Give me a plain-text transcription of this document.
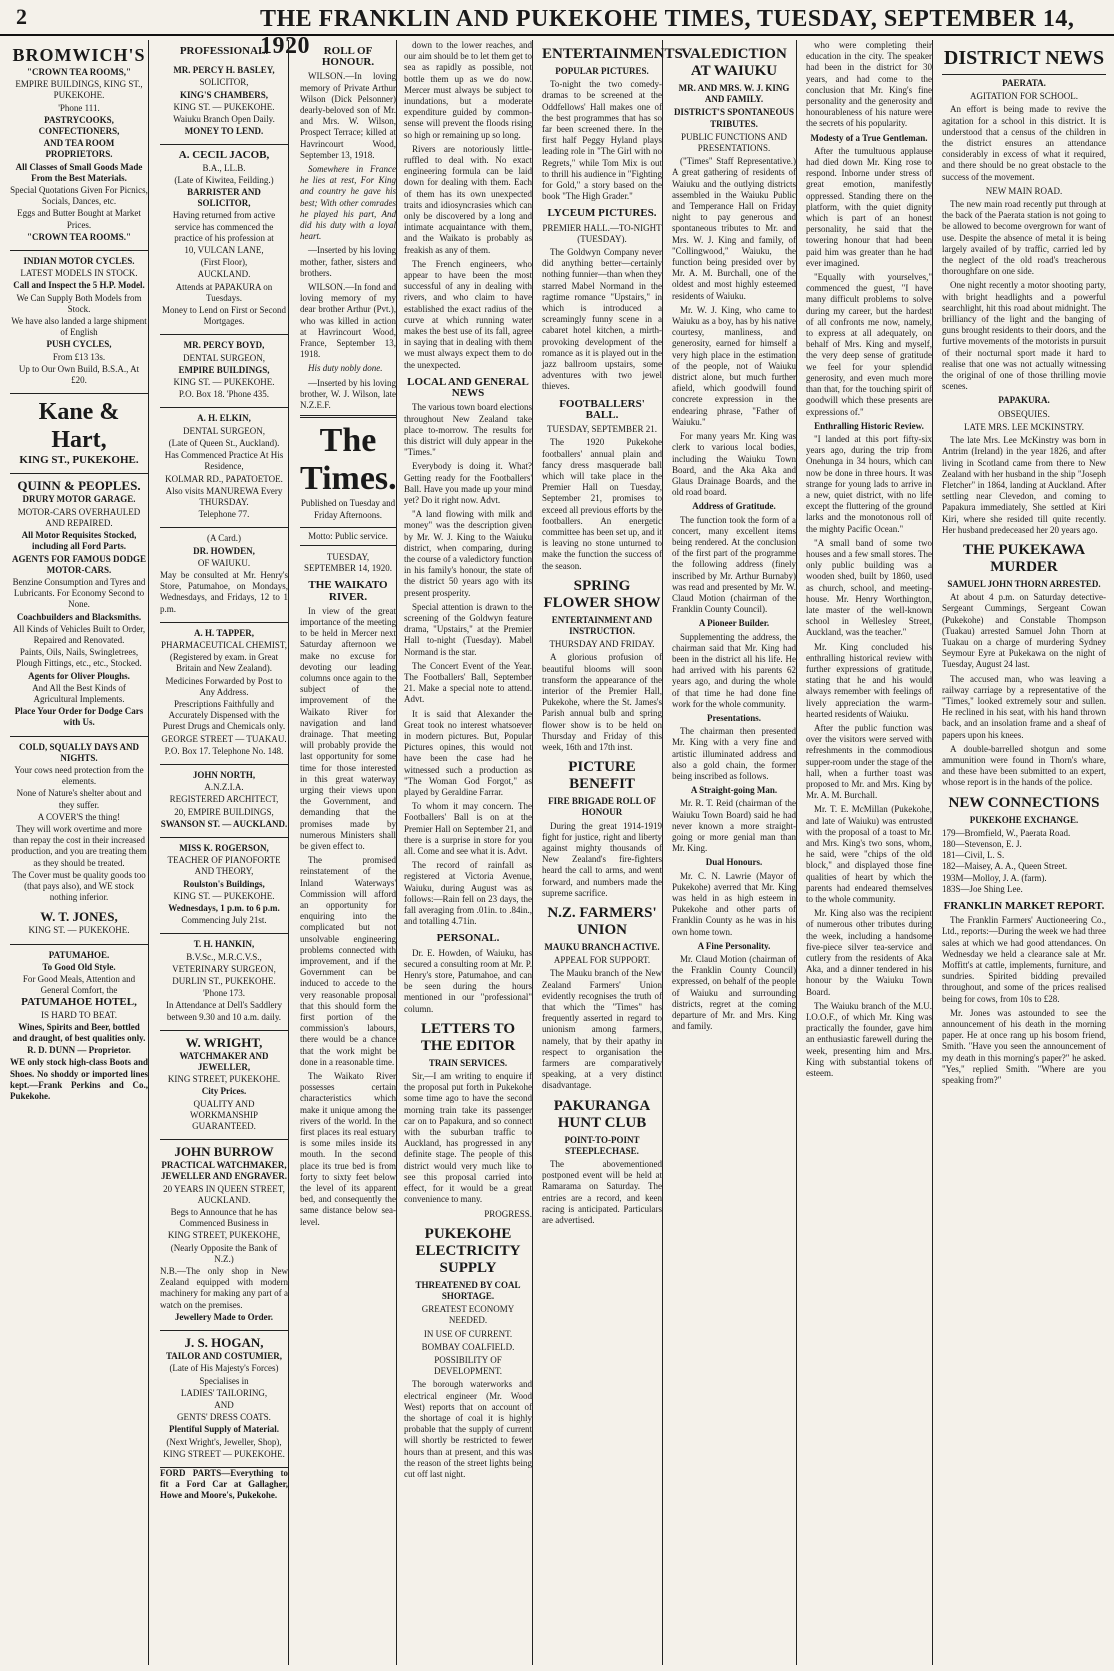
2	THE FRANKLIN AND PUKEKOHE TIMES, TUESDAY, SEPTEMBER 14, 1920
BROMWICH'S

"CROWN TEA ROOMS,"

EMPIRE BUILDINGS, KING ST., PUKEKOHE.

'Phone 111.

PASTRYCOOKS, CONFECTIONERS,

AND TEA ROOM PROPRIETORS.

All Classes of Small Goods Made From the Best Materials.

Special Quotations Given For Picnics, Socials, Dances, etc.

Eggs and Butter Bought at Market Prices.

"CROWN TEA ROOMS."

INDIAN MOTOR CYCLES.

LATEST MODELS IN STOCK.

Call and Inspect the 5 H.P. Model.

We Can Supply Both Models from Stock.

We have also landed a large shipment of English

PUSH CYCLES,

From £13 13s.

Up to Our Own Build, B.S.A., At £20.

Kane & Hart,

KING ST., PUKEKOHE.

QUINN & PEOPLES.

DRURY MOTOR GARAGE.

MOTOR-CARS OVERHAULED AND REPAIRED.

All Motor Requisites Stocked, including all Ford Parts.

AGENTS FOR FAMOUS DODGE MOTOR-CARS.

Benzine Consumption and Tyres and Lubricants. For Economy Second to None.

Coachbuilders and Blacksmiths.

All Kinds of Vehicles Built to Order, Repaired and Renovated.

Paints, Oils, Nails, Swingletrees, Plough Fittings, etc., etc., Stocked.

Agents for Oliver Ploughs.

And All the Best Kinds of Agricultural Implements.

Place Your Order for Dodge Cars with Us.

COLD, SQUALLY DAYS AND NIGHTS.

Your cows need protection from the elements.

None of Nature's shelter about and they suffer.

A COVER'S the thing!

They will work overtime and more than repay the cost in their increased production, and you are treating them as they should be treated.

The Cover must be quality goods too (that pays also), and WE stock nothing inferior.

W. T. JONES,

KING ST. — PUKEKOHE.

PATUMAHOE.

To Good Old Style.

For Good Meals, Attention and General Comfort, the

PATUMAHOE HOTEL,

IS HARD TO BEAT.

Wines, Spirits and Beer, bottled and draught, of best qualities only.

R. D. DUNN — Proprietor.

WE only stock high-class Boots and Shoes. No shoddy or imported lines kept.—Frank Perkins and Co., Pukekohe.

PROFESSIONAL.

MR. PERCY H. BASLEY,

SOLICITOR,

KING'S CHAMBERS,

KING ST. — PUKEKOHE.

Waiuku Branch Open Daily.

MONEY TO LEND.

A. CECIL JACOB,

B.A., LL.B.

(Late of Kiwitea, Feilding.)

BARRISTER AND SOLICITOR,

Having returned from active service has commenced the practice of his profession at

10, VULCAN LANE,

(First Floor),

AUCKLAND.

Attends at PAPAKURA on Tuesdays.

Money to Lend on First or Second Mortgages.

MR. PERCY BOYD,

DENTAL SURGEON,

EMPIRE BUILDINGS,

KING ST. — PUKEKOHE.

P.O. Box 18. 'Phone 435.

A. H. ELKIN,

DENTAL SURGEON,

(Late of Queen St., Auckland).

Has Commenced Practice At His Residence,

KOLMAR RD., PAPATOETOE.

Also visits MANUREWA Every THURSDAY.

Telephone 77.

(A Card.)

DR. HOWDEN,

OF WAIUKU.

May be consulted at Mr. Henry's Store, Patumahoe, on Mondays, Wednesdays, and Fridays, 12 to 1 p.m.

A. H. TAPPER,

PHARMACEUTICAL CHEMIST,

(Registered by exam. in Great Britain and New Zealand).

Medicines Forwarded by Post to Any Address.

Prescriptions Faithfully and Accurately Dispensed with the Purest Drugs and Chemicals only.

GEORGE STREET — TUAKAU.

P.O. Box 17. Telephone No. 148.

JOHN NORTH,

A.N.Z.I.A.

REGISTERED ARCHITECT,

20, EMPIRE BUILDINGS,

SWANSON ST. — AUCKLAND.

MISS K. ROGERSON,

TEACHER OF PIANOFORTE AND THEORY,

Roulston's Buildings,

KING ST. — PUKEKOHE.

Wednesdays, 1 p.m. to 6 p.m.

Commencing July 21st.

T. H. HANKIN,

B.V.Sc., M.R.C.V.S.,

VETERINARY SURGEON,

DURLIN ST., PUKEKOHE.

'Phone 173.

In Attendance at Dell's Saddlery between 9.30 and 10 a.m. daily.

W. WRIGHT,

WATCHMAKER AND JEWELLER,

KING STREET, PUKEKOHE.

City Prices.

QUALITY AND WORKMANSHIP GUARANTEED.

JOHN BURROW

PRACTICAL WATCHMAKER, JEWELLER AND ENGRAVER.

20 YEARS IN QUEEN STREET, AUCKLAND.

Begs to Announce that he has Commenced Business in

KING STREET, PUKEKOHE,

(Nearly Opposite the Bank of N.Z.)

N.B.—The only shop in New Zealand equipped with modern machinery for making any part of a watch on the premises.

Jewellery Made to Order.

J. S. HOGAN,

TAILOR AND COSTUMIER,

(Late of His Majesty's Forces)

Specialises in

LADIES' TAILORING,

AND

GENTS' DRESS COATS.

Plentiful Supply of Material.

(Next Wright's, Jeweller, Shop),

KING STREET — PUKEKOHE.

FORD PARTS—Everything to fit a Ford Car at Gallagher, Howe and Moore's, Pukekohe.

ROLL OF HONOUR.

WILSON.—In loving memory of Private Arthur Wilson (Dick Pelsonner) dearly-beloved son of Mr. and Mrs. W. Wilson, Prospect Terrace; killed at Havrincourt Wood, September 13, 1918.

Somewhere in France he lies at rest, For King and country he gave his best; With other comrades he played his part, And did his duty with a loyal heart.

—Inserted by his loving mother, father, sisters and brothers.

WILSON.—In fond and loving memory of my dear brother Arthur (Pvt.), who was killed in action at Havrincourt Wood, France, September 13, 1918.

His duty nobly done.

—Inserted by his loving brother, W. J. Wilson, late N.Z.E.F.

The Times.

Published on Tuesday and Friday Afternoons.

Motto: Public service.

TUESDAY, SEPTEMBER 14, 1920.

THE WAIKATO RIVER.

In view of the great importance of the meeting to be held in Mercer next Saturday afternoon we make no excuse for devoting our leading columns once again to the subject of the improvement of the Waikato River for navigation and land drainage. That meeting will probably provide the last opportunity for some time for those interested in this great waterway urging their views upon the Government, and demanding that the promises made by numerous Ministers shall be given effect to.

The promised reinstatement of the Inland Waterways' Commission will afford an opportunity for enquiring into the complicated but not unsolvable engineering problems connected with improvement, and if the Government can be induced to accede to the very reasonable proposal that this should form the first portion of the commission's labours, there would be a chance that the work might be done in a reasonable time.

The Waikato River possesses certain characteristics which make it unique among the rivers of the world. In the first places its real estuary is some miles inside its mouth. In the second place its true bed is from forty to sixty feet below the level of its apparent bed, and consequently the same distance below sea-level.

down to the lower reaches, and our aim should be to let them get to sea as rapidly as possible, not bottle them up as we do now. Mercer must always be subject to inundations, but a moderate expenditure guided by common-sense will prevent the floods rising so high or remaining up so long.

Rivers are notoriously little-ruffled to deal with. No exact engineering formula can be laid down for dealing with them. Each of them has its own unexpected traits and idiosyncrasies which can only be discovered by a long and intimate acquaintance with them, and the Waikato is probably as freakish as any of them.

The French engineers, who appear to have been the most successful of any in dealing with rivers, and who claim to have established the exact radius of the curve at which running water makes the best use of its fall, agree in saying that in dealing with them we must always expect them to do the unexpected.

LOCAL AND GENERAL NEWS

The various town board elections throughout New Zealand take place to-morrow. The results for this district will duly appear in the "Times."

Everybody is doing it. What? Getting ready for the Footballers' Ball. Have you made up your mind yet? Do it right now. Advt.

"A land flowing with milk and money" was the description given by Mr. W. J. King to the Waiuku district, when comparing, during the course of a valedictory function in his family's honour, the state of the district 50 years ago with its present prosperity.

Special attention is drawn to the screening of the Goldwyn feature drama, "Upstairs," at the Premier Hall to-night (Tuesday). Mabel Normand is the star.

The Concert Event of the Year. The Footballers' Ball, September 21. Make a special note to attend. Advt.

It is said that Alexander the Great took no interest whatsoever in modern pictures. But, Popular Pictures opines, this would not have been the case had he witnessed such a production as "The Woman God Forgot," as played by Geraldine Farrar.

To whom it may concern. The Footballers' Ball is on at the Premier Hall on September 21, and there is a surprise in store for you all. Come and see what it is. Advt.

The record of rainfall as registered at Victoria Avenue, Waiuku, during August was as follows:—Rain fell on 23 days, the fall averaging from .01in. to .84in., and totalling 4.71in.

PERSONAL.

Dr. E. Howden, of Waiuku, has secured a consulting room at Mr. P. Henry's store, Patumahoe, and can be seen during the hours mentioned in our "professional" column.

LETTERS TO THE EDITOR
TRAIN SERVICES.

Sir,—I am writing to enquire if the proposal put forth in Pukekohe some time ago to have the second morning train take its passenger car on to Papakura, and so connect with the suburban traffic to Auckland, has progressed in any definite stage. The people of this district would very much like to see this proposal carried into effect, for it would be a great convenience to many.

PROGRESS.

PUKEKOHE ELECTRICITY SUPPLY
THREATENED BY COAL SHORTAGE.
GREATEST ECONOMY NEEDED.
IN USE OF CURRENT.
BOMBAY COALFIELD.
POSSIBILITY OF DEVELOPMENT.

The borough waterworks and electrical engineer (Mr. Wood West) reports that on account of the shortage of coal it is highly probable that the supply of current will shortly be restricted to fewer hours than at present, and this was the reason of the street lights being cut off last night.

ENTERTAINMENTS
POPULAR PICTURES.

To-night the two comedy-dramas to be screened at the Oddfellows' Hall makes one of the best programmes that has so far been screened there. In the first half Peggy Hyland plays leading role in "The Girl with no Regrets," while Tom Mix is out to thrill his audience in "Fighting for Gold," a story based on the book "The High Grader."

LYCEUM PICTURES.
PREMIER HALL.—TO-NIGHT (TUESDAY).

The Goldwyn Company never did anything better—certainly nothing funnier—than when they starred Mabel Normand in the ragtime romance "Upstairs," in which is introduced a screamingly funny scene in a cabaret hotel kitchen, a mirth-provoking development of the romance as it is played out in the jazz ballroom upstairs, some adventures with two jewel thieves.

FOOTBALLERS' BALL.
TUESDAY, SEPTEMBER 21.

The 1920 Pukekohe footballers' annual plain and fancy dress masquerade ball which will take place in the Premier Hall on Tuesday, September 21, promises to exceed all previous efforts by the footballers. An energetic committee has been set up, and it is leaving no stone unturned to make the function the success of the season.

SPRING FLOWER SHOW
ENTERTAINMENT AND INSTRUCTION.
THURSDAY AND FRIDAY.

A glorious profusion of beautiful blooms will soon transform the appearance of the interior of the Premier Hall, Pukekohe, where the St. James's Parish annual bulb and spring flower show is to be held on Thursday and Friday of this week, 16th and 17th inst.

PICTURE BENEFIT
FIRE BRIGADE ROLL OF HONOUR

During the great 1914-1919 fight for justice, right and liberty against mighty thousands of New Zealand's fire-fighters heard the call to arms, and went forward, and numbers made the supreme sacrifice.

N.Z. FARMERS' UNION
MAUKU BRANCH ACTIVE.
APPEAL FOR SUPPORT.

The Mauku branch of the New Zealand Farmers' Union evidently recognises the truth of that which the "Times" has frequently asserted in regard to unionism among farmers, namely, that by their apathy in respect to organisation the farmers are comparatively speaking, at a very distinct disadvantage.

PAKURANGA HUNT CLUB
POINT-TO-POINT STEEPLECHASE.

The abovementioned postponed event will be held at Ramarama on Saturday. The entries are a record, and keen racing is anticipated. Particulars are advertised.

VALEDICTION AT WAIUKU
MR. AND MRS. W. J. KING AND FAMILY.
DISTRICT'S SPONTANEOUS TRIBUTES.
PUBLIC FUNCTIONS AND PRESENTATIONS.

("Times" Staff Representative.) A great gathering of residents of Waiuku and the outlying districts assembled in the Waiuku Public and Temperance Hall on Friday night to pay generous and spontaneous tributes to Mr. and Mrs. W. J. King and family, of "Collingwood," Waiuku, the function being presided over by Mr. A. M. Burchall, one of the oldest and most highly esteemed residents of Waiuku.

Mr. W. J. King, who came to Waiuku as a boy, has by his native courtesy, manliness, and generosity, earned for himself a very high place in the estimation of the people, not of Waiuku district alone, but much further afield, which goodwill found concrete expression in the endearing phrase, "Father of Waiuku."

For many years Mr. King was clerk to various local bodies, including the Waiuku Town Board, and the Aka Aka and Glaus Drainage Boards, and the old road board.

Address of Gratitude.

The function took the form of a concert, many excellent items being rendered. At the conclusion of the first part of the programme the following address (finely inscribed by Mr. Arthur Burnaby) was read and presented by Mr. W. Claud Motion (chairman of the Franklin County Council).

A Pioneer Builder.

Supplementing the address, the chairman said that Mr. King had been in the district all his life. He had arrived with his parents 62 years ago, and during the whole of that time he had done fine work for the whole community.

Presentations.

The chairman then presented Mr. King with a very fine and artistic illuminated address and also a gold chain, the former being inscribed as follows.

A Straight-going Man.

Mr. R. T. Reid (chairman of the Waiuku Town Board) said he had never known a more straight-going or more genial man than Mr. King.

Dual Honours.

Mr. C. N. Lawrie (Mayor of Pukekohe) averred that Mr. King was held in as high esteem in Pukekohe and other parts of Franklin County as he was in his own home town.

A Fine Personality.

Mr. Claud Motion (chairman of the Franklin County Council) expressed, on behalf of the people of Waiuku and surrounding districts, regret at the coming departure of Mr. and Mrs. King and family.

who were completing their education in the city. The speaker had been in the district for 30 years, and had come to the conclusion that Mr. King's fine personality and the generosity and honourableness of his nature were the secrets of his popularity.

Modesty of a True Gentleman.

After the tumultuous applause had died down Mr. King rose to respond. Inborne under stress of great emotion, manifestly oppressed. Standing there on the platform, with the quiet dignity which is part of an honest personality, he said that the towering honour that had been paid him was greater than he had ever imagined.

"Equally with yourselves," commenced the guest, "I have many difficult problems to solve during my career, but the hardest of all confronts me now, namely, to express at all adequately, on behalf of Mrs. King and myself, the very deep sense of gratitude we feel for your splendid generosity, and even much more than that, for the touching spirit of goodwill which these presents are expressions of."

Enthralling Historic Review.

"I landed at this port fifty-six years ago, during the trip from Onehunga in 34 hours, which can now be done in three hours. It was strange for young lads to arrive in a new, quiet district, with no life except the fluttering of the ground larks and the monotonous roll of the mighty Pacific Ocean."

"A small band of some two houses and a few small stores. The only public building was a wooden shed, built by 1860, used as church, school, and meeting-house. Mr. Henry Worthington, late master of the well-known school in Wellesley Street, Auckland, was the teacher."

Mr. King concluded his enthralling historical review with further expressions of gratitude, stating that he and his would always remember with feelings of lively appreciation the warm-hearted residents of Waiuku.

After the public function was over the visitors were served with refreshments in the commodious supper-room under the stage of the hall, when a further toast was proposed to Mr. and Mrs. King by Mr. A. M. Burchall.

Mr. T. E. McMillan (Pukekohe, and late of Waiuku) was entrusted with the proposal of a toast to Mr. and Mrs. King's two sons, whom, he said, were "chips of the old block," and displayed those fine qualities of heart by which the parents had endeared themselves to the whole community.

Mr. King also was the recipient of numerous other tributes during the week, including a handsome five-piece silver tea-service and cutlery from the residents of Aka Aka, and a dinner tendered in his honour by the Waiuku Town Board.

The Waiuku branch of the M.U. I.O.O.F., of which Mr. King was practically the founder, gave him an enthusiastic farewell during the week, presenting him and Mrs. King with substantial tokens of esteem.

DISTRICT NEWS
PAERATA.
AGITATION FOR SCHOOL.

An effort is being made to revive the agitation for a school in this district. It is understood that a census of the children in the district ensures an attendance considerably in excess of what it required, and there should be no great obstacle to the success of the movement.

NEW MAIN ROAD.

The new main road recently put through at the back of the Paerata station is not going to be allowed to become overgrown for want of use. Despite the absence of metal it is being largely availed of by traffic, carried led by the neglect of the old road's treacherous thoroughfare on one side.

One night recently a motor shooting party, with bright headlights and a powerful searchlight, hit this road about midnight. The brilliancy of the light and the banging of guns brought residents to their doors, and the furtive movements of the motorists in pursuit of their nocturnal sport made it hard to realise that one was not actually witnessing the original of one of those thrilling movie scenes.

PAPAKURA.
OBSEQUIES.
LATE MRS. LEE MCKINSTRY.

The late Mrs. Lee McKinstry was born in Antrim (Ireland) in the year 1826, and after living in Scotland came from there to New Zealand with her husband in the ship "Joseph Fletcher" in 1864, landing at Auckland. After settling near Clevedon, and coming to Papakura immediately, She settled at Kiri Kiri, where she resided till quite recently. Her husband predeceased her 20 years ago.

THE PUKEKAWA MURDER
SAMUEL JOHN THORN ARRESTED.

At about 4 p.m. on Saturday detective-Sergeant Cummings, Sergeant Cowan (Pukekohe) and Constable Thompson (Tuakau) arrested Samuel John Thorn at Tuakau on a charge of murdering Sydney Seymour Eyre at Pukekawa on the night of Tuesday, August 24 last.

The accused man, who was leaving a railway carriage by a representative of the "Times," looked extremely sour and sullen. He reclined in his seat, with his hand thrown back, and an insolation frame and a sheaf of papers upon his knees.

A double-barrelled shotgun and some ammunition were found in Thorn's whare, and these have been submitted to an expert, whose report is in the hands of the police.

NEW CONNECTIONS
PUKEKOHE EXCHANGE.
179—Bromfield, W., Paerata Road.
180—Stevenson, E. J.
181—Civil, L. S.
182—Maisey, A. A., Queen Street.
193M—Molloy, J. A. (farm).
183S—Joe Shing Lee.
FRANKLIN MARKET REPORT.

The Franklin Farmers' Auctioneering Co., Ltd., reports:—During the week we had three sales at which we had good attendances. On Wednesday we held a clearance sale at Mr. Moffitt's at cattle, implements, furniture, and sundries. Spirited bidding prevailed throughout, and some of the prices realised being for cows, from 10s to £28.

Mr. Jones was astounded to see the announcement of his death in the morning paper. He at once rang up his bosom friend, Smith. "Have you seen the announcement of my death in this morning's paper?" he asked. "Yes," replied Smith. "Where are you speaking from?"
